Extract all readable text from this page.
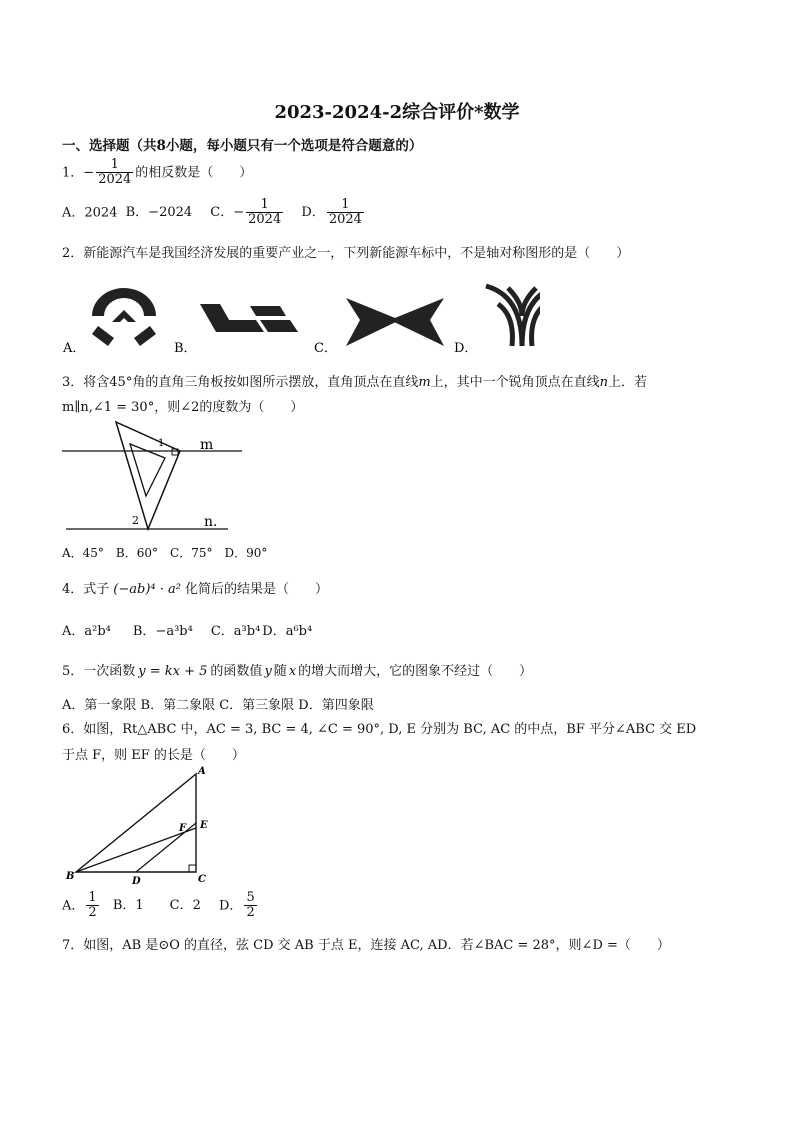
2023-2024-2综合评价*数学
一、选择题（共8小题，每小题只有一个选项是符合题意的）
1．− $\frac{1}{2024}$ 的相反数是（　　）
A．2024 B．−2024 C．− $\frac{1}{2024}$ D． $\frac{1}{2024}$
2．新能源汽车是我国经济发展的重要产业之一，下列新能源车标中，不是轴对称图形的是（　　）
A．	B．	C．	D．
3．将含45°角的直角三角板按如图所示摆放，直角顶点在直线m上，其中一个锐角顶点在直线n上．若
m∥n,∠1 = 30°，则∠2的度数为（　　）
m
n.
1
2
A．45°　B．60°　C．75°　D．90°
4．式子 (−ab)⁴ · a² 化简后的结果是（　　）
A．a²b⁴ B．−a³b⁴ C．a³b⁴ D．a⁶b⁴
5．一次函数 y = kx + 5 的函数值 y 随 x 的增大而增大，它的图象不经过（　　）
A．第一象限 B．第二象限 C．第三象限 D．第四象限
6．如图，Rt△ABC 中，AC = 3, BC = 4, ∠C = 90°, D, E 分别为 BC, AC 的中点，BF 平分∠ABC 交 ED
于点 F，则 EF 的长是（　　）
A
B	C
D
E
F
A． $\frac{1}{2}$ B．1　　C．2 D． $\frac{5}{2}$
7．如图，AB 是⊙O 的直径，弦 CD 交 AB 于点 E，连接 AC, AD．若∠BAC = 28°，则∠D =（　　）
